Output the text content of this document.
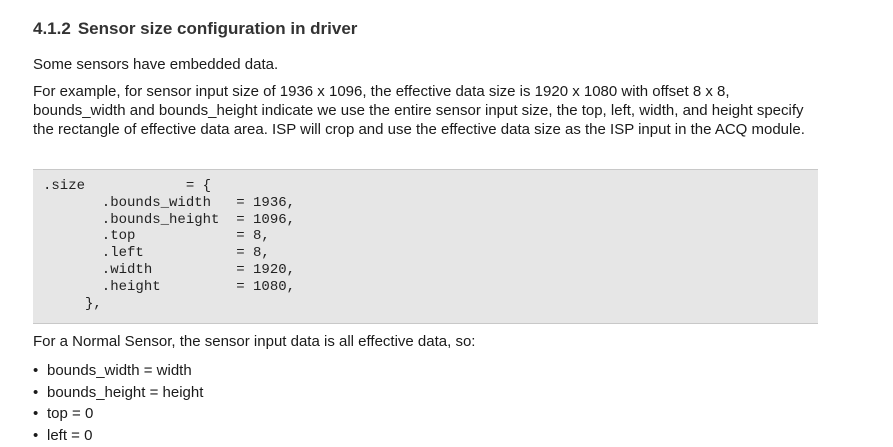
4.1.2 Sensor size configuration in driver
Some sensors have embedded data.
For example, for sensor input size of 1936 x 1096, the effective data size is 1920 x 1080 with offset 8 x 8, bounds_width and bounds_height indicate we use the entire sensor input size, the top, left, width, and height specify the rectangle of effective data area. ISP will crop and use the effective data size as the ISP input in the ACQ module.
.size            = {
.bounds_width   = 1936,
.bounds_height  = 1096,
.top            = 8,
.left           = 8,
.width          = 1920,
.height         = 1080,
},
For a Normal Sensor, the sensor input data is all effective data, so:
• bounds_width = width
• bounds_height = height
• top = 0
• left = 0
